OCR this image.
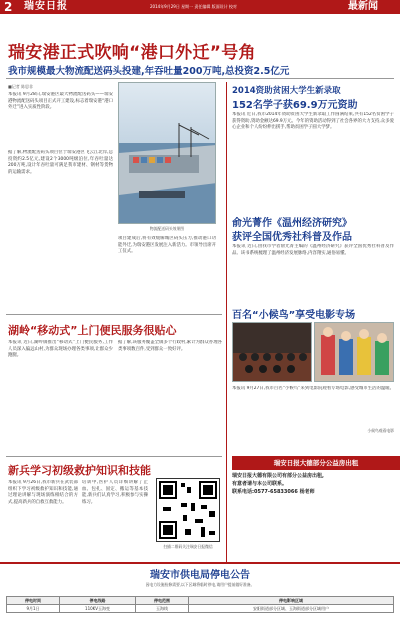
2 瑞安日报	2014年9月29日 星期一 责任编辑 版面设计 校对	最新闻
瑞安港正式吹响“港口外迁”号角
我市规模最大物流配送码头投建,年吞吐量200万吨,总投资2.5亿元
■记者 陈思非
本报讯 9月28日,瑞安港区最大物流配送码头——瑞安港物流配送码头项目正式开工建设,标志着瑞安港“港口外迁”进入实质性阶段。
物流配送码头效果图
据了解,物流配送码头项目位于瑞安港区飞云江北岸,总投资约2.5亿元,建设2个3000吨级泊位,年吞吐量达200万吨,设计年吞吐量可满足我市建材、钢材等货物的运输需求。
项目建成后,将有效缓解城区码头压力,推动港口功能外迁,为瑞安港区发展注入新活力。市领导出席开工仪式。
2014资助贫困大学生新录取
152名学子获69.9万元资助
本报讯 近日,我市2014年资助贫困大学生新录取工作圆满结束,共有152名贫困学子获得资助,资助金额达69.9万元。今年的资助活动得到了社会各界的大力支持,众多爱心企业和个人纷纷伸出援手,帮助贫困学子圆大学梦。
俞光菁作《温州经济研究》
获评全国优秀社科普及作品
本报讯 近日,由我市学者俞光菁主编的《温州经济研究》获评全国优秀社科普及作品。该书系统梳理了温州经济发展脉络,内容翔实,通俗易懂。
百名“小候鸟”享受电影专场
本报讯 9月27日,我市百名“小候鸟”来到电影院观看专场电影,感受城市生活的温暖。
小候鸟观看电影
湖岭“移动式”上门便民服务很贴心
本报讯 近日,湖岭镇推出“移动式”上门便民服务,工作人员深入偏远山村,为群众现场办理各类事项,让群众少跑腿。
据了解,该服务覆盖全镇多个行政村,累计为群众办理各类事项数百件,受到群众一致好评。
新兵学习初级救护知识和技能
本报讯 9月26日,我市新兵在武装部组织下学习初级救护知识和技能,通过理论讲解与现场演练相结合的方式,提高新兵的自救互救能力。
培训中,医护人员详细讲解了止血、包扎、固定、搬运等基本技能,新兵们认真学习,积极参与实操练习。
扫描二维码关注瑞安日报微信
瑞安日报大德部分公益房出租
瑞安日报大德有限公司有部分公益房出租,
有意者请与本公司联系。
联系电话:0577-65833066 杨老师
瑞安市供电局停电公告
因电力设施检修需要,以下区域将临时停电,请用户提前做好准备。
停电时间	停电线路	停电范围	停电影响区域
9月1日	110KV玉海变	玉海线	安阳街道部分区域、玉海街道部分区域用户
